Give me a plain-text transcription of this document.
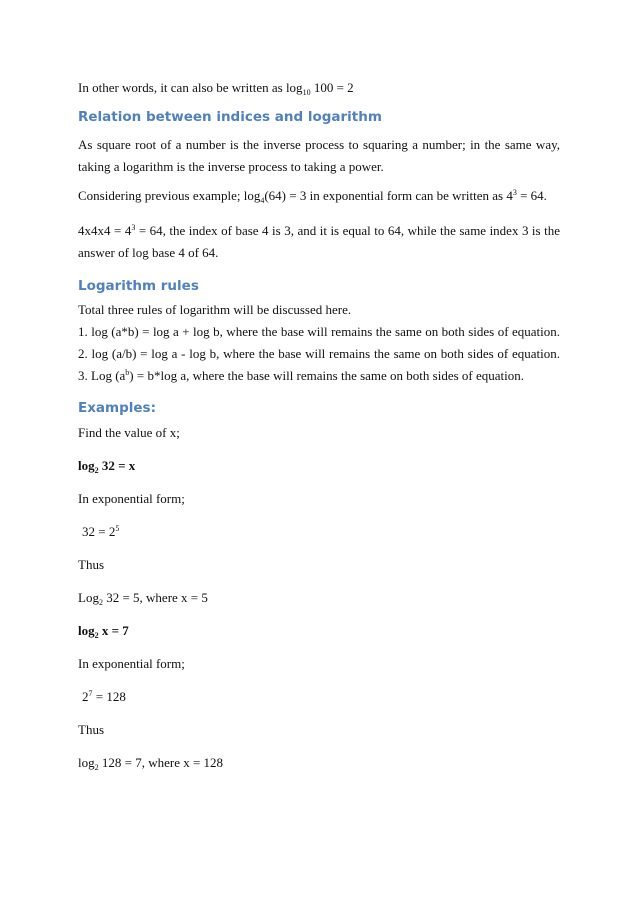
In other words, it can also be written as $\log_{10} 100 = 2$
Relation between indices and logarithm
As square root of a number is the inverse process to squaring a number; in the same way,
taking a logarithm is the inverse process to taking a power.
Considering previous example; $\log_4(64) = 3$ in exponential form can be written as $4^3 = 64$.
$4x4x4 = 4^3 = 64$, the index of base 4 is 3, and it is equal to 64, while the same index 3 is the
answer of log base 4 of 64.
Logarithm rules
Total three rules of logarithm will be discussed here.
1. log (a*b) = log a + log b, where the base will remains the same on both sides of equation.
2. log (a/b) = log a - log b, where the base will remains the same on both sides of equation.
3. Log $(a^b) = b*\log$ a, where the base will remains the same on both sides of equation.
Examples:
Find the value of x;
$\log_2 32 = x$
In exponential form;
$32 = 2^5$
Thus
Log$_2$ 32 = 5, where x = 5
$\log_2 x = 7$
In exponential form;
$2^7 = 128$
Thus
$\log_2 128 = 7$, where x = 128
